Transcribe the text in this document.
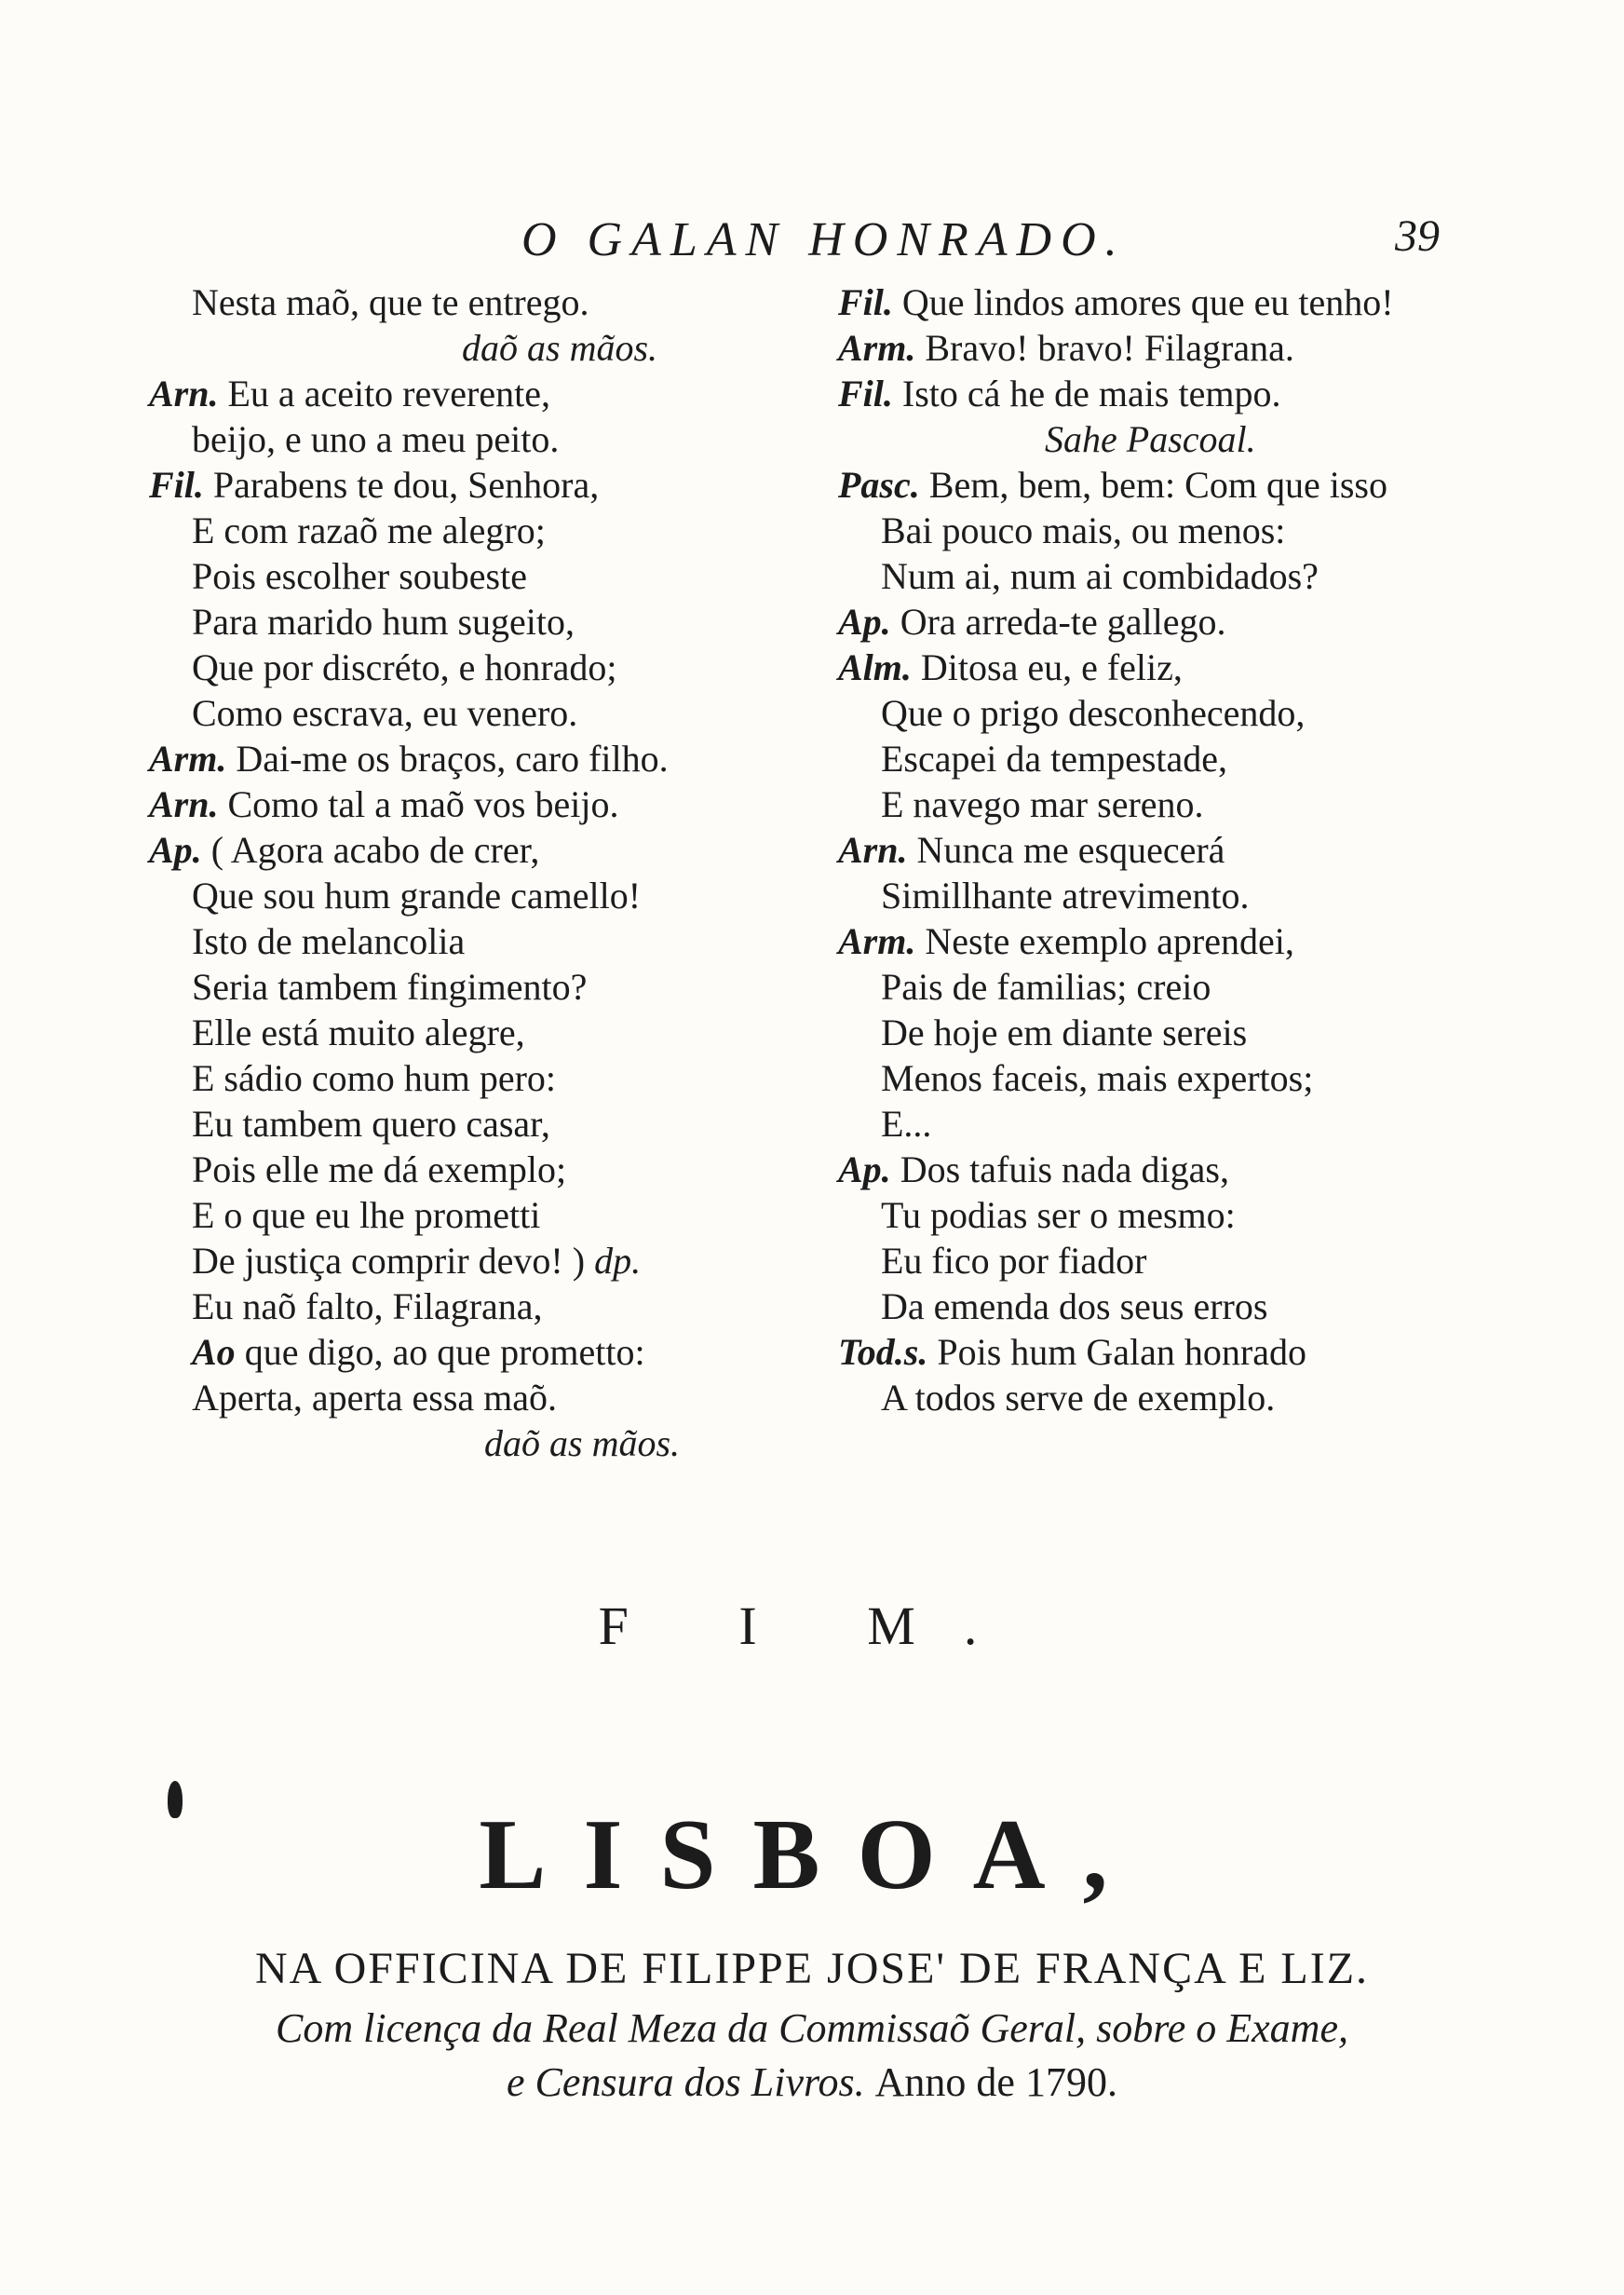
O GALAN HONRADO.	39
Nesta maõ, que te entrego.
daõ as mãos.
Arn. Eu a aceito reverente,
beijo, e uno a meu peito.
Fil. Parabens te dou, Senhora,
E com razaõ me alegro;
Pois escolher soubeste
Para marido hum sugeito,
Que por discréto, e honrado;
Como escrava, eu venero.
Arm. Dai-me os braços, caro filho.
Arn. Como tal a maõ vos beijo.
Ap. ( Agora acabo de crer,
Que sou hum grande camello!
Isto de melancolia
Seria tambem fingimento?
Elle está muito alegre,
E sádio como hum pero:
Eu tambem quero casar,
Pois elle me dá exemplo;
E o que eu lhe prometti
De justiça comprir devo! ) dp.
Eu naõ falto, Filagrana,
Ao que digo, ao que prometto:
Aperta, aperta essa maõ.
daõ as mãos.
Fil. Que lindos amores que eu tenho!
Arm. Bravo! bravo! Filagrana.
Fil. Isto cá he de mais tempo.
Sahe Pascoal.
Pasc. Bem, bem, bem: Com que isso
Bai pouco mais, ou menos:
Num ai, num ai combidados?
Ap. Ora arreda-te gallego.
Alm. Ditosa eu, e feliz,
Que o prigo desconhecendo,
Escapei da tempestade,
E navego mar sereno.
Arn. Nunca me esquecerá
Simillhante atrevimento.
Arm. Neste exemplo aprendei,
Pais de familias; creio
De hoje em diante sereis
Menos faceis, mais expertos;
E...
Ap. Dos tafuis nada digas,
Tu podias ser o mesmo:
Eu fico por fiador
Da emenda dos seus erros
Tod.s. Pois hum Galan honrado
A todos serve de exemplo.
F I M.
LISBOA,
NA OFFICINA DE FILIPPE JOSE' DE FRANÇA E LIZ.
Com licença da Real Meza da Commissaõ Geral, sobre o Exame,
e Censura dos Livros. Anno de 1790.
